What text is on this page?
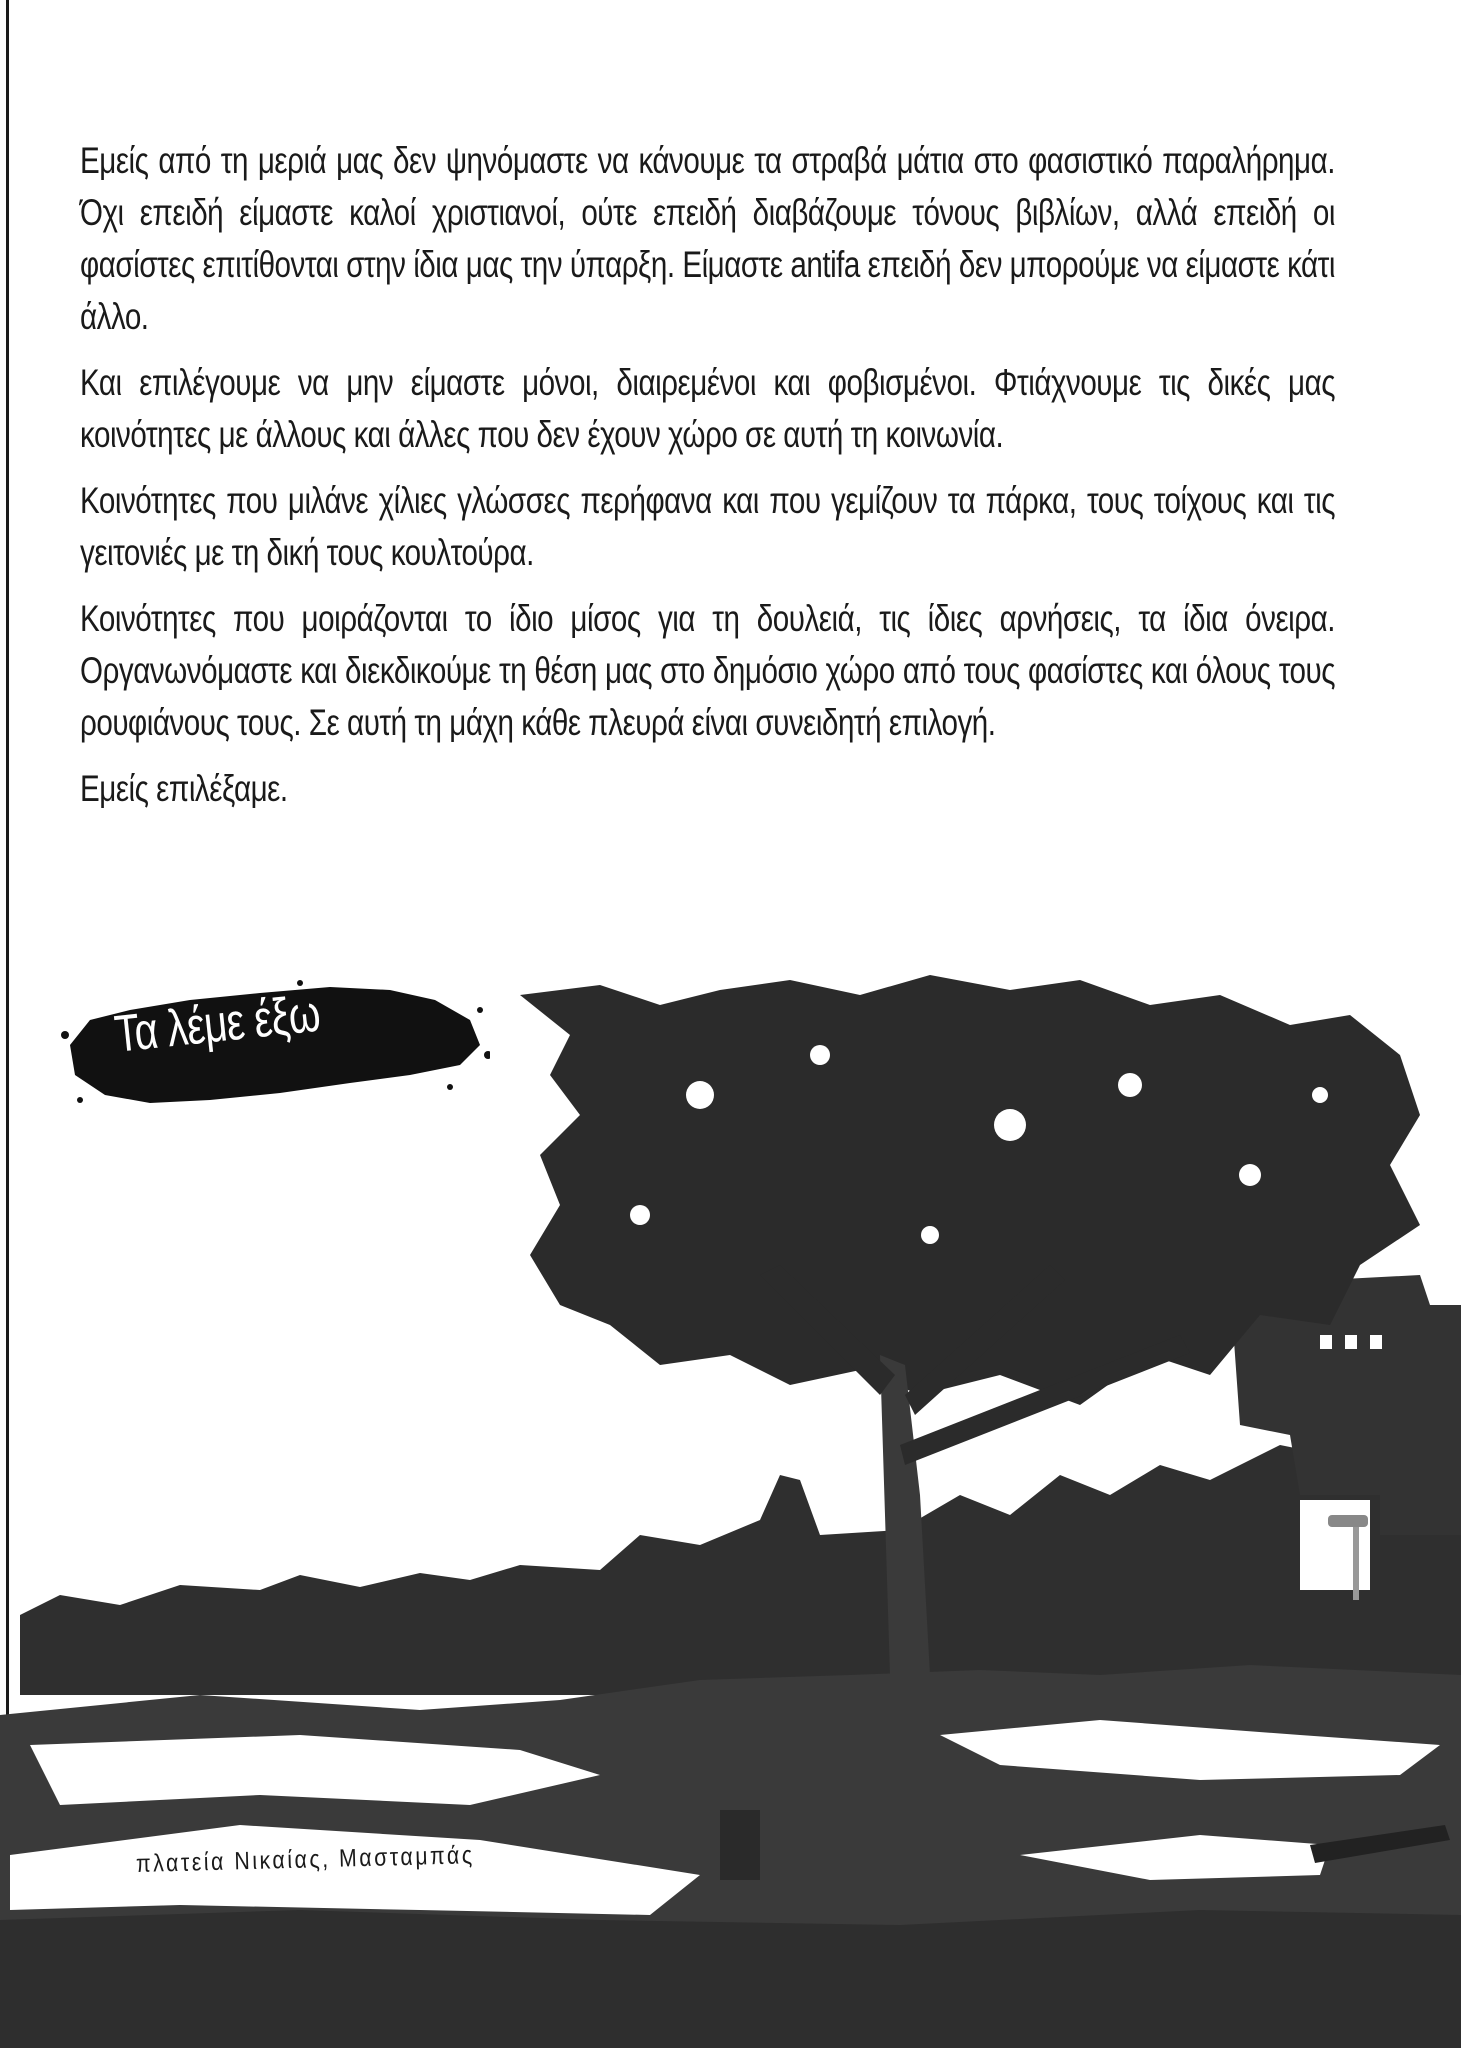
Εμείς από τη μεριά μας δεν ψηνόμαστε να κάνουμε τα στραβά μάτια στο φασιστικό παραλήρημα. Όχι επειδή είμαστε καλοί χριστιανοί, ούτε επειδή διαβάζουμε τόνους βιβλίων, αλλά επειδή οι φασίστες επιτίθονται στην ίδια μας την ύπαρξη. Είμαστε antifa επειδή δεν μπορούμε να είμαστε κάτι άλλο.

Και επιλέγουμε να μην είμαστε μόνοι, διαιρεμένοι και φοβισμένοι. Φτιάχνουμε τις δικές μας κοινότητες με άλλους και άλλες που δεν έχουν χώρο σε αυτή τη κοινωνία.

Κοινότητες που μιλάνε χίλιες γλώσσες περήφανα και που γεμίζουν τα πάρκα, τους τοίχους και τις γειτονιές με τη δική τους κουλτούρα.

Κοινότητες που μοιράζονται το ίδιο μίσος για τη δουλειά, τις ίδιες αρνήσεις, τα ίδια όνειρα. Οργανωνόμαστε και διεκδικούμε τη θέση μας στο δημόσιο χώρο από τους φασίστες και όλους τους ρουφιάνους τους. Σε αυτή τη μάχη κάθε πλευρά είναι συνειδητή επιλογή.

Εμείς επιλέξαμε.

Τα λέμε έξω
πλατεία Νικαίας, Μασταμπάς
